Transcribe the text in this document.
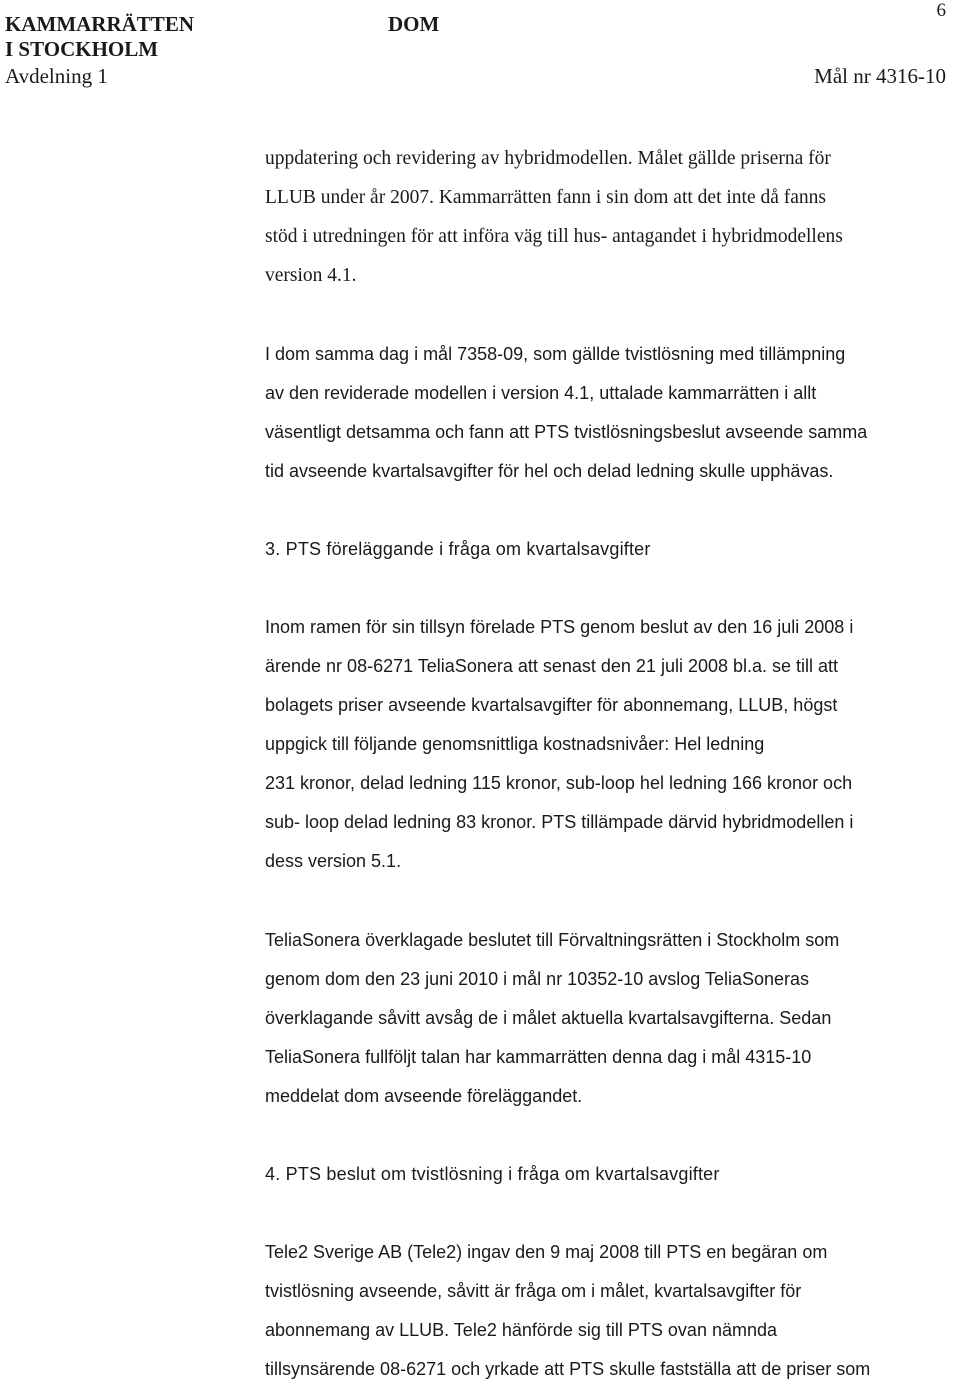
KAMMARRÄTTEN
I STOCKHOLM
DOM
6
Avdelning 1	Mål nr 4316-10
uppdatering och revidering av hybridmodellen. Målet gällde priserna för
LLUB under år 2007. Kammarrätten fann i sin dom att det inte då fanns
stöd i utredningen för att införa väg till hus- antagandet i hybridmodellens
version 4.1.
I dom samma dag i mål 7358-09, som gällde tvistlösning med tillämpning
av den reviderade modellen i version 4.1, uttalade kammarrätten i allt
väsentligt detsamma och fann att PTS tvistlösningsbeslut avseende samma
tid avseende kvartalsavgifter för hel och delad ledning skulle upphävas.
3. PTS föreläggande i fråga om kvartalsavgifter
Inom ramen för sin tillsyn förelade PTS genom beslut av den 16 juli 2008 i
ärende nr 08-6271 TeliaSonera att senast den 21 juli 2008 bl.a. se till att
bolagets priser avseende kvartalsavgifter för abonnemang, LLUB, högst
uppgick till följande genomsnittliga kostnadsnivåer: Hel ledning
231 kronor, delad ledning 115 kronor, sub-loop hel ledning 166 kronor och
sub- loop delad ledning 83 kronor. PTS tillämpade därvid hybridmodellen i
dess version 5.1.
TeliaSonera överklagade beslutet till Förvaltningsrätten i Stockholm som
genom dom den 23 juni 2010 i mål nr 10352-10 avslog TeliaSoneras
överklagande såvitt avsåg de i målet aktuella kvartalsavgifterna. Sedan
TeliaSonera fullföljt talan har kammarrätten denna dag i mål 4315-10
meddelat dom avseende föreläggandet.
4. PTS beslut om tvistlösning i fråga om kvartalsavgifter
Tele2 Sverige AB (Tele2) ingav den 9 maj 2008 till PTS en begäran om
tvistlösning avseende, såvitt är fråga om i målet, kvartalsavgifter för
abonnemang av LLUB. Tele2 hänförde sig till PTS ovan nämnda
tillsynsärende 08-6271 och yrkade att PTS skulle fastställa att de priser som
